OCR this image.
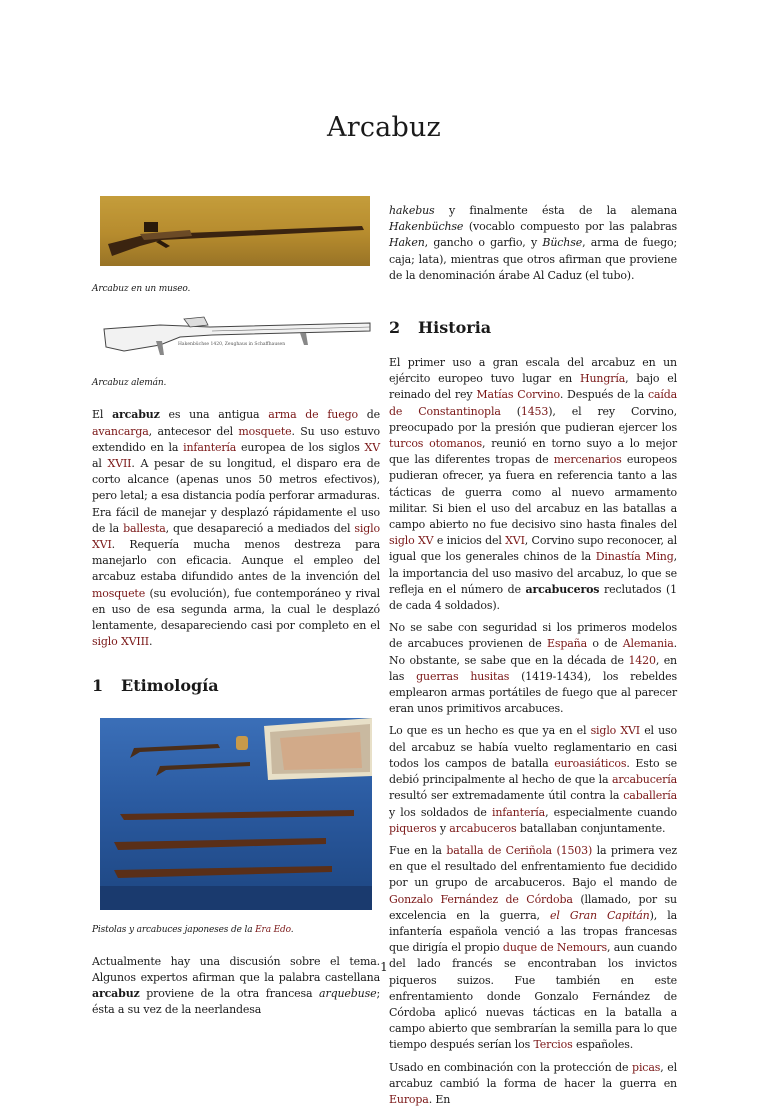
Arcabuz

Arcabuz en un museo.

Hakenbüchse 1420, Zeughaus in Schaffhausen

Arcabuz alemán.

El arcabuz es una antigua arma de fuego de avancarga, antecesor del mosquete. Su uso estuvo extendido en la infantería europea de los siglos XV al XVII. A pesar de su longitud, el disparo era de corto alcance (apenas unos 50 metros efectivos), pero letal; a esa distancia podía perforar armaduras. Era fácil de manejar y desplazó rápidamente el uso de la ballesta, que desapareció a mediados del siglo XVI. Requería mucha menos destreza para manejarlo con eficacia. Aunque el empleo del arcabuz estaba difundido antes de la invención del mosquete (su evolución), fue contemporáneo y rival en uso de esa segunda arma, la cual le desplazó lentamente, desapareciendo casi por completo en el siglo XVIII.

1 Etimología

Pistolas y arcabuces japoneses de la Era Edo.

Actualmente hay una discusión sobre el tema. Algunos expertos afirman que la palabra castellana arcabuz proviene de la otra francesa arquebuse; ésta a su vez de la neerlandesa

hakebus y finalmente ésta de la alemana Hakenbüchse (vocablo compuesto por las palabras Haken, gancho o garfio, y Büchse, arma de fuego; caja; lata), mientras que otros afirman que proviene de la denominación árabe Al Caduz (el tubo).

2 Historia

El primer uso a gran escala del arcabuz en un ejército europeo tuvo lugar en Hungría, bajo el reinado del rey Matías Corvino. Después de la caída de Constantinopla (1453), el rey Corvino, preocupado por la presión que pudieran ejercer los turcos otomanos, reunió en torno suyo a lo mejor que las diferentes tropas de mercenarios europeos pudieran ofrecer, ya fuera en referencia tanto a las tácticas de guerra como al nuevo armamento militar. Si bien el uso del arcabuz en las batallas a campo abierto no fue decisivo sino hasta finales del siglo XV e inicios del XVI, Corvino supo reconocer, al igual que los generales chinos de la Dinastía Ming, la importancia del uso masivo del arcabuz, lo que se refleja en el número de arcabuceros reclutados (1 de cada 4 soldados).

No se sabe con seguridad si los primeros modelos de arcabuces provienen de España o de Alemania. No obstante, se sabe que en la década de 1420, en las guerras husitas (1419-1434), los rebeldes emplearon armas portátiles de fuego que al parecer eran unos primitivos arcabuces.

Lo que es un hecho es que ya en el siglo XVI el uso del arcabuz se había vuelto reglamentario en casi todos los campos de batalla euroasiáticos. Esto se debió principalmente al hecho de que la arcabucería resultó ser extremadamente útil contra la caballería y los soldados de infantería, especialmente cuando piqueros y arcabuceros batallaban conjuntamente.

Fue en la batalla de Ceriñola (1503) la primera vez en que el resultado del enfrentamiento fue decidido por un grupo de arcabuceros. Bajo el mando de Gonzalo Fernández de Córdoba (llamado, por su excelencia en la guerra, el Gran Capitán), la infantería española venció a las tropas francesas que dirigía el propio duque de Nemours, aun cuando del lado francés se encontraban los invictos piqueros suizos. Fue también en este enfrentamiento donde Gonzalo Fernández de Córdoba aplicó nuevas tácticas en la batalla a campo abierto que sembrarían la semilla para lo que tiempo después serían los Tercios españoles.

Usado en combinación con la protección de picas, el arcabuz cambió la forma de hacer la guerra en Europa. En

1
